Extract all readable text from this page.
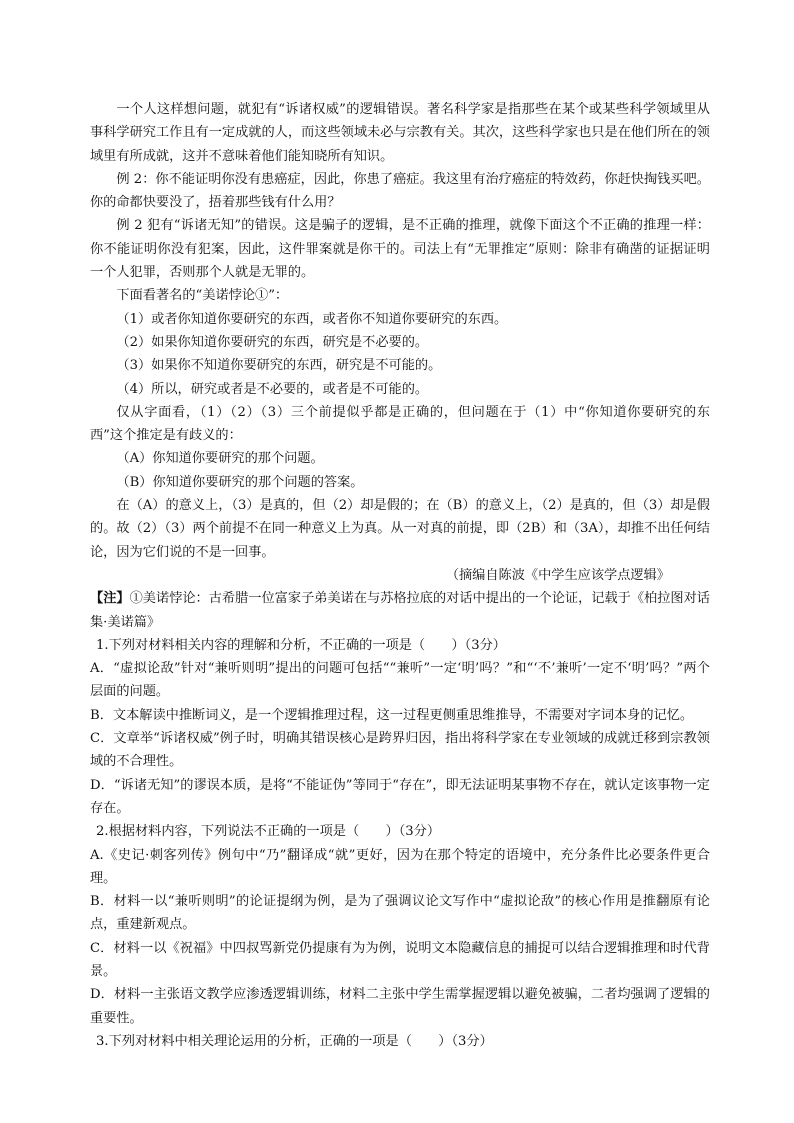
一个人这样想问题，就犯有“诉诸权威”的逻辑错误。著名科学家是指那些在某个或某些科学领域里从事科学研究工作且有一定成就的人，而这些领域未必与宗教有关。其次，这些科学家也只是在他们所在的领域里有所成就，这并不意味着他们能知晓所有知识。

例 2：你不能证明你没有患癌症，因此，你患了癌症。我这里有治疗癌症的特效药，你赶快掏钱买吧。你的命都快要没了，捂着那些钱有什么用？

例 2 犯有“诉诸无知”的错误。这是骗子的逻辑，是不正确的推理，就像下面这个不正确的推理一样：你不能证明你没有犯案，因此，这件罪案就是你干的。司法上有“无罪推定”原则：除非有确凿的证据证明一个人犯罪，否则那个人就是无罪的。

下面看著名的“美诺悖论①”：

（1）或者你知道你要研究的东西，或者你不知道你要研究的东西。

（2）如果你知道你要研究的东西，研究是不必要的。

（3）如果你不知道你要研究的东西，研究是不可能的。

（4）所以，研究或者是不必要的，或者是不可能的。

仅从字面看，（1）（2）（3）三个前提似乎都是正确的，但问题在于（1）中“你知道你要研究的东西”这个推定是有歧义的：

（A）你知道你要研究的那个问题。

（B）你知道你要研究的那个问题的答案。

在（A）的意义上，（3）是真的，但（2）却是假的；在（B）的意义上，（2）是真的，但（3）却是假的。故（2）（3）两个前提不在同一种意义上为真。从一对真的前提，即（2B）和（3A），却推不出任何结论，因为它们说的不是一回事。

（摘编自陈波《中学生应该学点逻辑》

【注】①美诺悖论：古希腊一位富家子弟美诺在与苏格拉底的对话中提出的一个论证，记载于《柏拉图对话集·美诺篇》

1.下列对材料相关内容的理解和分析，不正确的一项是（　　）（3分）

A．“虚拟论敌”针对“兼听则明”提出的问题可包括““兼听”一定‘明’吗？”和“‘不’兼听’一定不‘明’吗？”两个层面的问题。

B．文本解读中推断词义，是一个逻辑推理过程，这一过程更侧重思维推导，不需要对字词本身的记忆。

C．文章举“诉诸权威”例子时，明确其错误核心是跨界归因，指出将科学家在专业领域的成就迁移到宗教领域的不合理性。

D．“诉诸无知”的谬误本质，是将“不能证伪”等同于“存在”，即无法证明某事物不存在，就认定该事物一定存在。

2.根据材料内容，下列说法不正确的一项是（　　）（3分）

A.《史记·刺客列传》例句中“乃”翻译成“就”更好，因为在那个特定的语境中，充分条件比必要条件更合理。

B．材料一以“兼听则明”的论证提纲为例，是为了强调议论文写作中“虚拟论敌”的核心作用是推翻原有论点，重建新观点。

C．材料一以《祝福》中四叔骂新党仍提康有为为例，说明文本隐藏信息的捕捉可以结合逻辑推理和时代背景。

D．材料一主张语文教学应渗透逻辑训练，材料二主张中学生需掌握逻辑以避免被骗，二者均强调了逻辑的重要性。

3.下列对材料中相关理论运用的分析，正确的一项是（　　）（3分）
